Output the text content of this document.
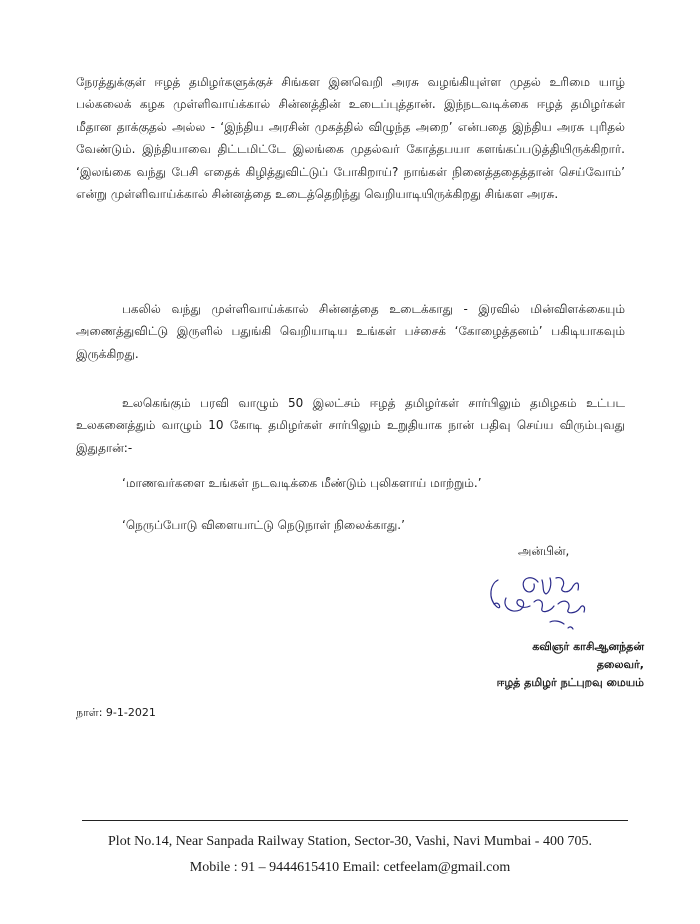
நேரத்துக்குள் ஈழத் தமிழர்களுக்குச் சிங்கள இனவெறி அரசு வழங்கியுள்ள முதல் உரிமை யாழ் பல்கலைக் கழக முள்ளிவாய்க்கால் சின்னத்தின் உடைப்புத்தான். இந்நடவடிக்கை ஈழத் தமிழர்கள் மீதான தாக்குதல் அல்ல - ‘இந்திய அரசின் முகத்தில் விழுந்த அறை’ என்பதை இந்திய அரசு புரிதல் வேண்டும். இந்தியாவை திட்டமிட்டே இலங்கை முதல்வர் கோத்தபயா களங்கப்படுத்தியிருக்கிறார். ‘இலங்கை வந்து பேசி எதைக் கிழித்துவிட்டுப் போகிறாய்? நாங்கள் நினைத்ததைத்தான் செய்வோம்’ என்று முள்ளிவாய்க்கால் சின்னத்தை உடைத்தெறிந்து வெறியாடியிருக்கிறது சிங்கள அரசு.

பகலில் வந்து முள்ளிவாய்க்கால் சின்னத்தை உடைக்காது - இரவில் மின்விளக்கையும் அணைத்துவிட்டு இருளில் பதுங்கி வெறியாடிய உங்கள் பச்சைக் ‘கோழைத்தனம்’ பகிடியாகவும் இருக்கிறது.

உலகெங்கும் பரவி வாழும் 50 இலட்சம் ஈழத் தமிழர்கள் சார்பிலும் தமிழகம் உட்பட உலகனைத்தும் வாழும் 10 கோடி தமிழர்கள் சார்பிலும் உறுதியாக நான் பதிவு செய்ய விரும்புவது இதுதான்:-

‘மாணவர்களை உங்கள் நடவடிக்கை மீண்டும் புலிகளாய் மாற்றும்.’

‘நெருப்போடு விளையாட்டு நெடுநாள் நிலைக்காது.’

அன்பின்,

கவிஞர் காசிஆனந்தன்
தலைவர்,
ஈழத் தமிழர் நட்புறவு மையம்

நாள்: 9-1-2021

Plot No.14, Near Sanpada Railway Station, Sector-30, Vashi, Navi Mumbai - 400 705.

Mobile : 91 – 9444615410 Email: cetfeelam@gmail.com
